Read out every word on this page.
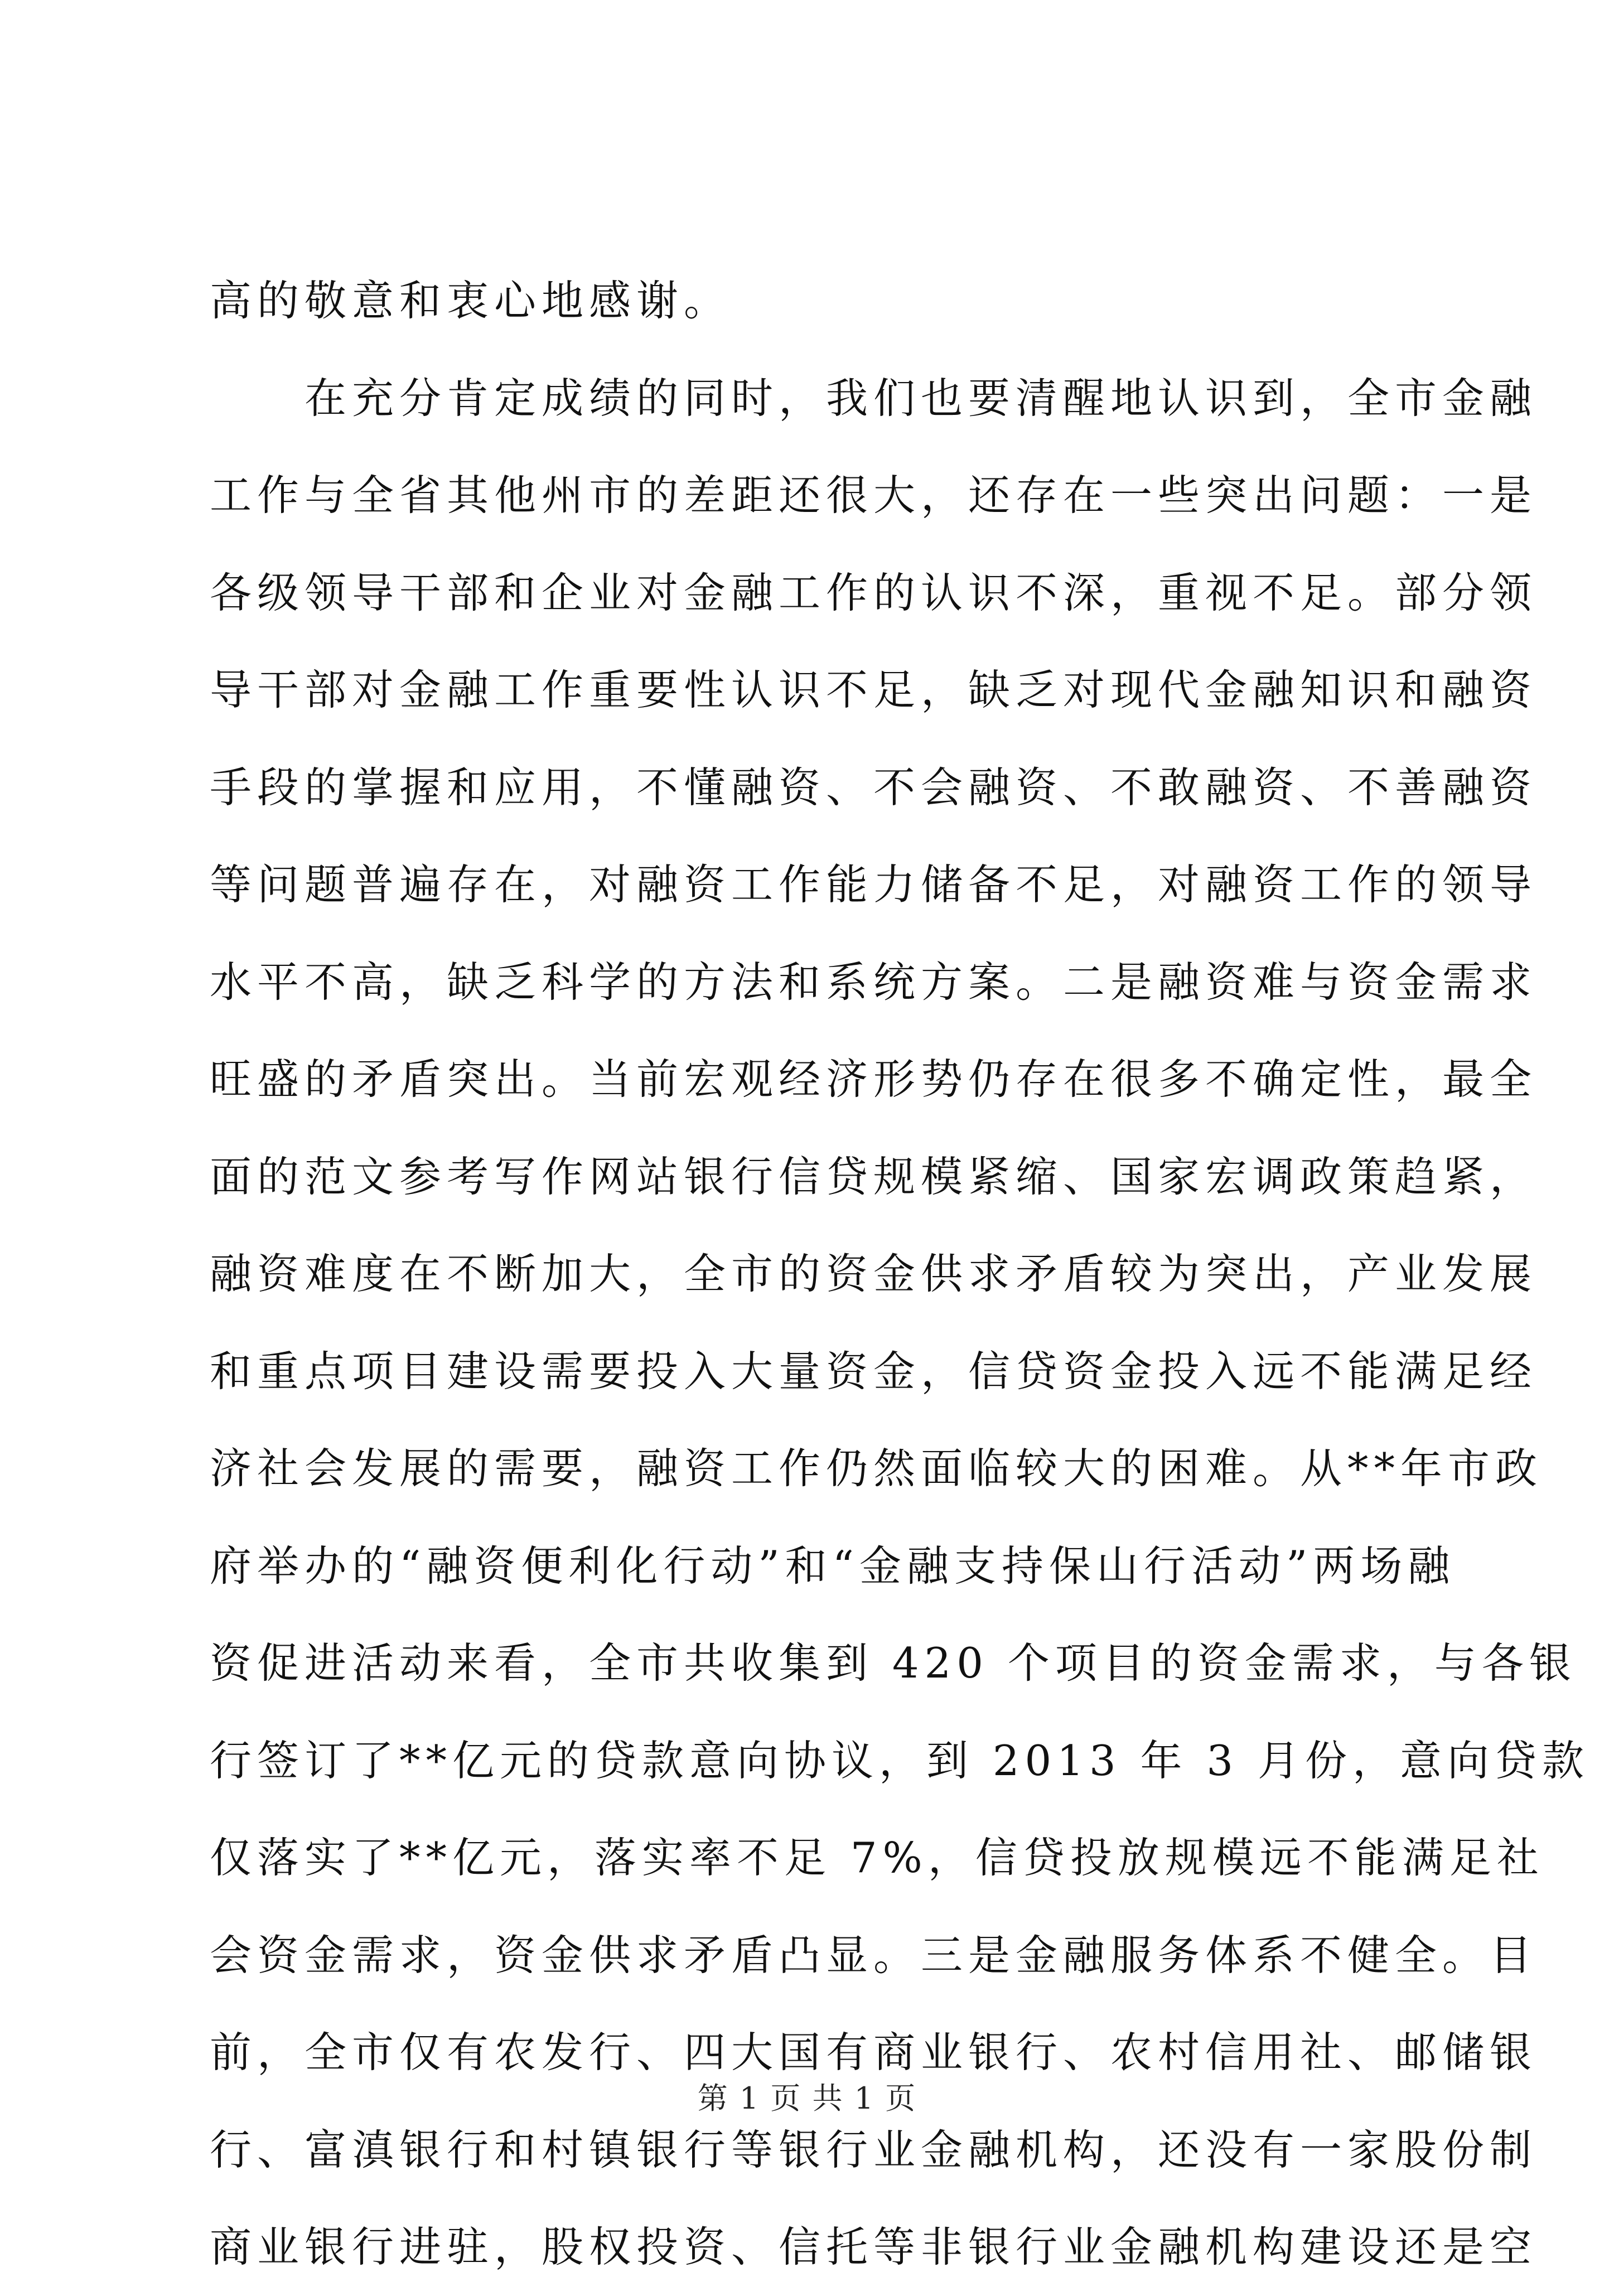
高的敬意和衷心地感谢。
　　在充分肯定成绩的同时，我们也要清醒地认识到，全市金融
工作与全省其他州市的差距还很大，还存在一些突出问题：一是
各级领导干部和企业对金融工作的认识不深，重视不足。部分领
导干部对金融工作重要性认识不足，缺乏对现代金融知识和融资
手段的掌握和应用，不懂融资、不会融资、不敢融资、不善融资
等问题普遍存在，对融资工作能力储备不足，对融资工作的领导
水平不高，缺乏科学的方法和系统方案。二是融资难与资金需求
旺盛的矛盾突出。当前宏观经济形势仍存在很多不确定性，最全
面的范文参考写作网站银行信贷规模紧缩、国家宏调政策趋紧，
融资难度在不断加大，全市的资金供求矛盾较为突出，产业发展
和重点项目建设需要投入大量资金，信贷资金投入远不能满足经
济社会发展的需要，融资工作仍然面临较大的困难。从**年市政
府举办的“融资便利化行动”和“金融支持保山行活动”两场融
资促进活动来看，全市共收集到 420 个项目的资金需求，与各银
行签订了**亿元的贷款意向协议，到 2013 年 3 月份，意向贷款
仅落实了**亿元，落实率不足 7%，信贷投放规模远不能满足社
会资金需求，资金供求矛盾凸显。三是金融服务体系不健全。目
前，全市仅有农发行、四大国有商业银行、农村信用社、邮储银
行、富滇银行和村镇银行等银行业金融机构，还没有一家股份制
商业银行进驻，股权投资、信托等非银行业金融机构建设还是空
第 1 页 共 1 页
